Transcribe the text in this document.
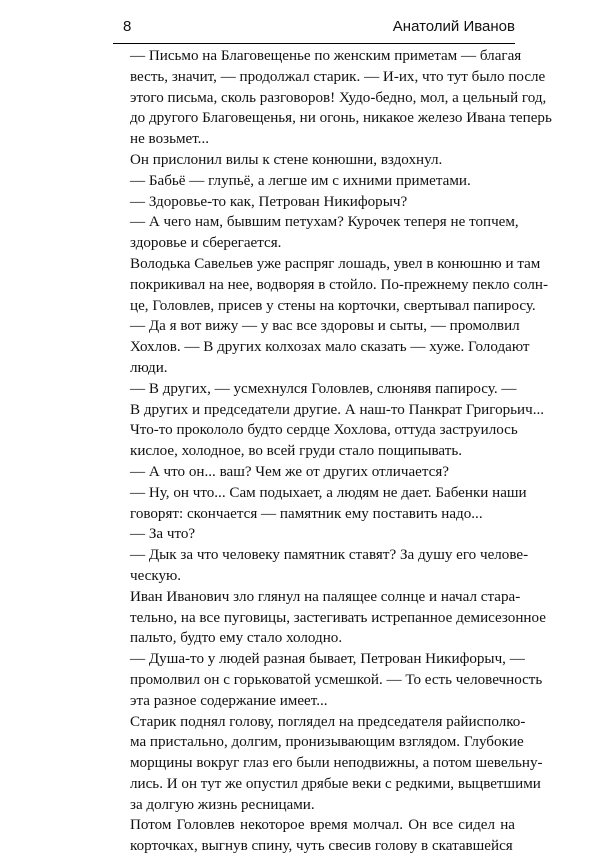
8	Анатолий Иванов

— Письмо на Благовещенье по женским приметам — благая
весть, значит, — продолжал старик. — И-их, что тут было после
этого письма, сколь разговоров! Худо-бедно, мол, а цельный год,
до другого Благовещенья, ни огонь, никакое железо Ивана теперь
не возьмет...

Он прислонил вилы к стене конюшни, вздохнул.

— Бабьё — глупьё, а легше им с ихними приметами.

— Здоровье-то как, Петрован Никифорыч?

— А чего нам, бывшим петухам? Курочек теперя не топчем,
здоровье и сберегается.

Володька Савельев уже распряг лошадь, увел в конюшню и там
покрикивал на нее, водворяя в стойло. По-прежнему пекло солн-
це, Головлев, присев у стены на корточки, свертывал папиросу.

— Да я вот вижу — у вас все здоровы и сыты, — промолвил
Хохлов. — В других колхозах мало сказать — хуже. Голодают
люди.

— В других, — усмехнулся Головлев, слюнявя папиросу. —
В других и председатели другие. А наш-то Панкрат Григорьич...

Что-то прокололо будто сердце Хохлова, оттуда заструилось
кислое, холодное, во всей груди стало пощипывать.

— А что он... ваш? Чем же от других отличается?

— Ну, он что... Сам подыхает, а людям не дает. Бабенки наши
говорят: скончается — памятник ему поставить надо...

— За что?

— Дык за что человеку памятник ставят? За душу его челове-
ческую.

Иван Иванович зло глянул на палящее солнце и начал стара-
тельно, на все пуговицы, застегивать истрепанное демисезонное
пальто, будто ему стало холодно.

— Душа-то у людей разная бывает, Петрован Никифорыч, —
промолвил он с горьковатой усмешкой. — То есть человечность
эта разное содержание имеет...

Старик поднял голову, поглядел на председателя райисполко-
ма пристально, долгим, пронизывающим взглядом. Глубокие
морщины вокруг глаз его были неподвижны, а потом шевельну-
лись. И он тут же опустил дрябые веки с редкими, выцветшими
за долгую жизнь ресницами.

Потом Головлев некоторое время молчал. Он все сидел на
корточках, выгнув спину, чуть свесив голову в скатавшейся
